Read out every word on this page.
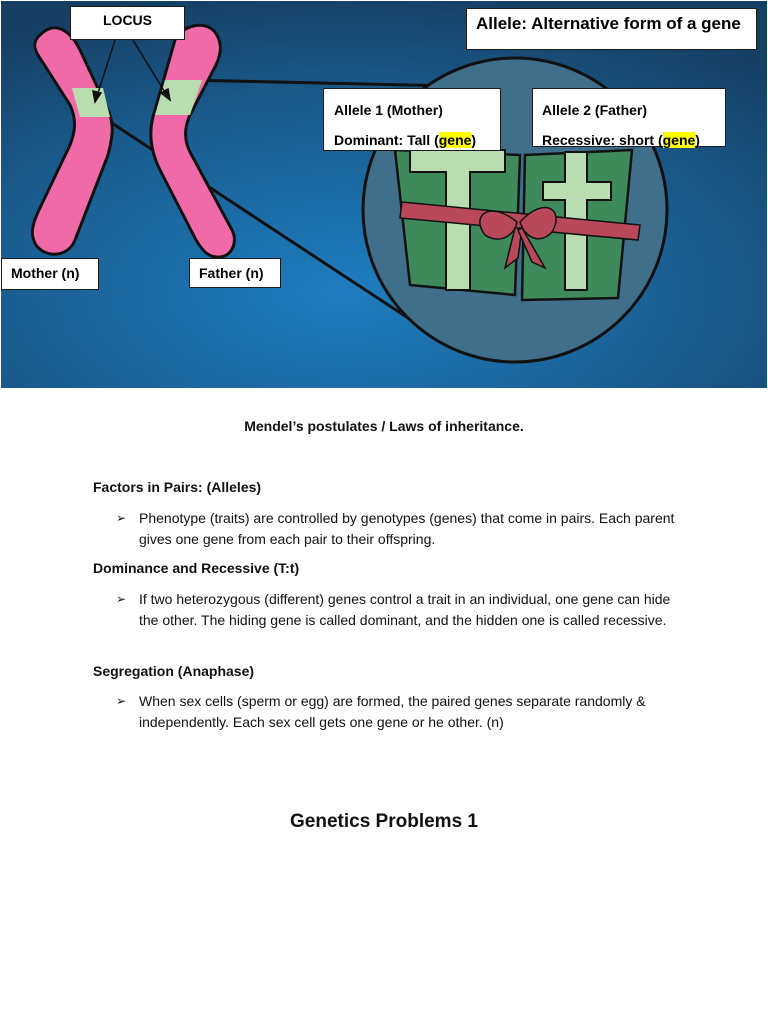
LOCUS
Mother (n)	Father (n)
Allele: Alternative form of a gene
Allele 1 (Mother)
Dominant: Tall (gene)
Allele 2 (Father)
Recessive: short (gene)
Mendel’s postulates / Laws of inheritance.
Factors in Pairs: (Alleles)
➢ Phenotype (traits) are controlled by genotypes (genes) that come in pairs. Each parent gives one gene from each pair to their offspring.
Dominance and Recessive (T:t)
➢ If two heterozygous (different) genes control a trait in an individual, one gene can hide the other. The hiding gene is called dominant, and the hidden one is called recessive.
Segregation (Anaphase)
➢ When sex cells (sperm or egg) are formed, the paired genes separate randomly & independently. Each sex cell gets one gene or he other. (n)
Genetics Problems 1
